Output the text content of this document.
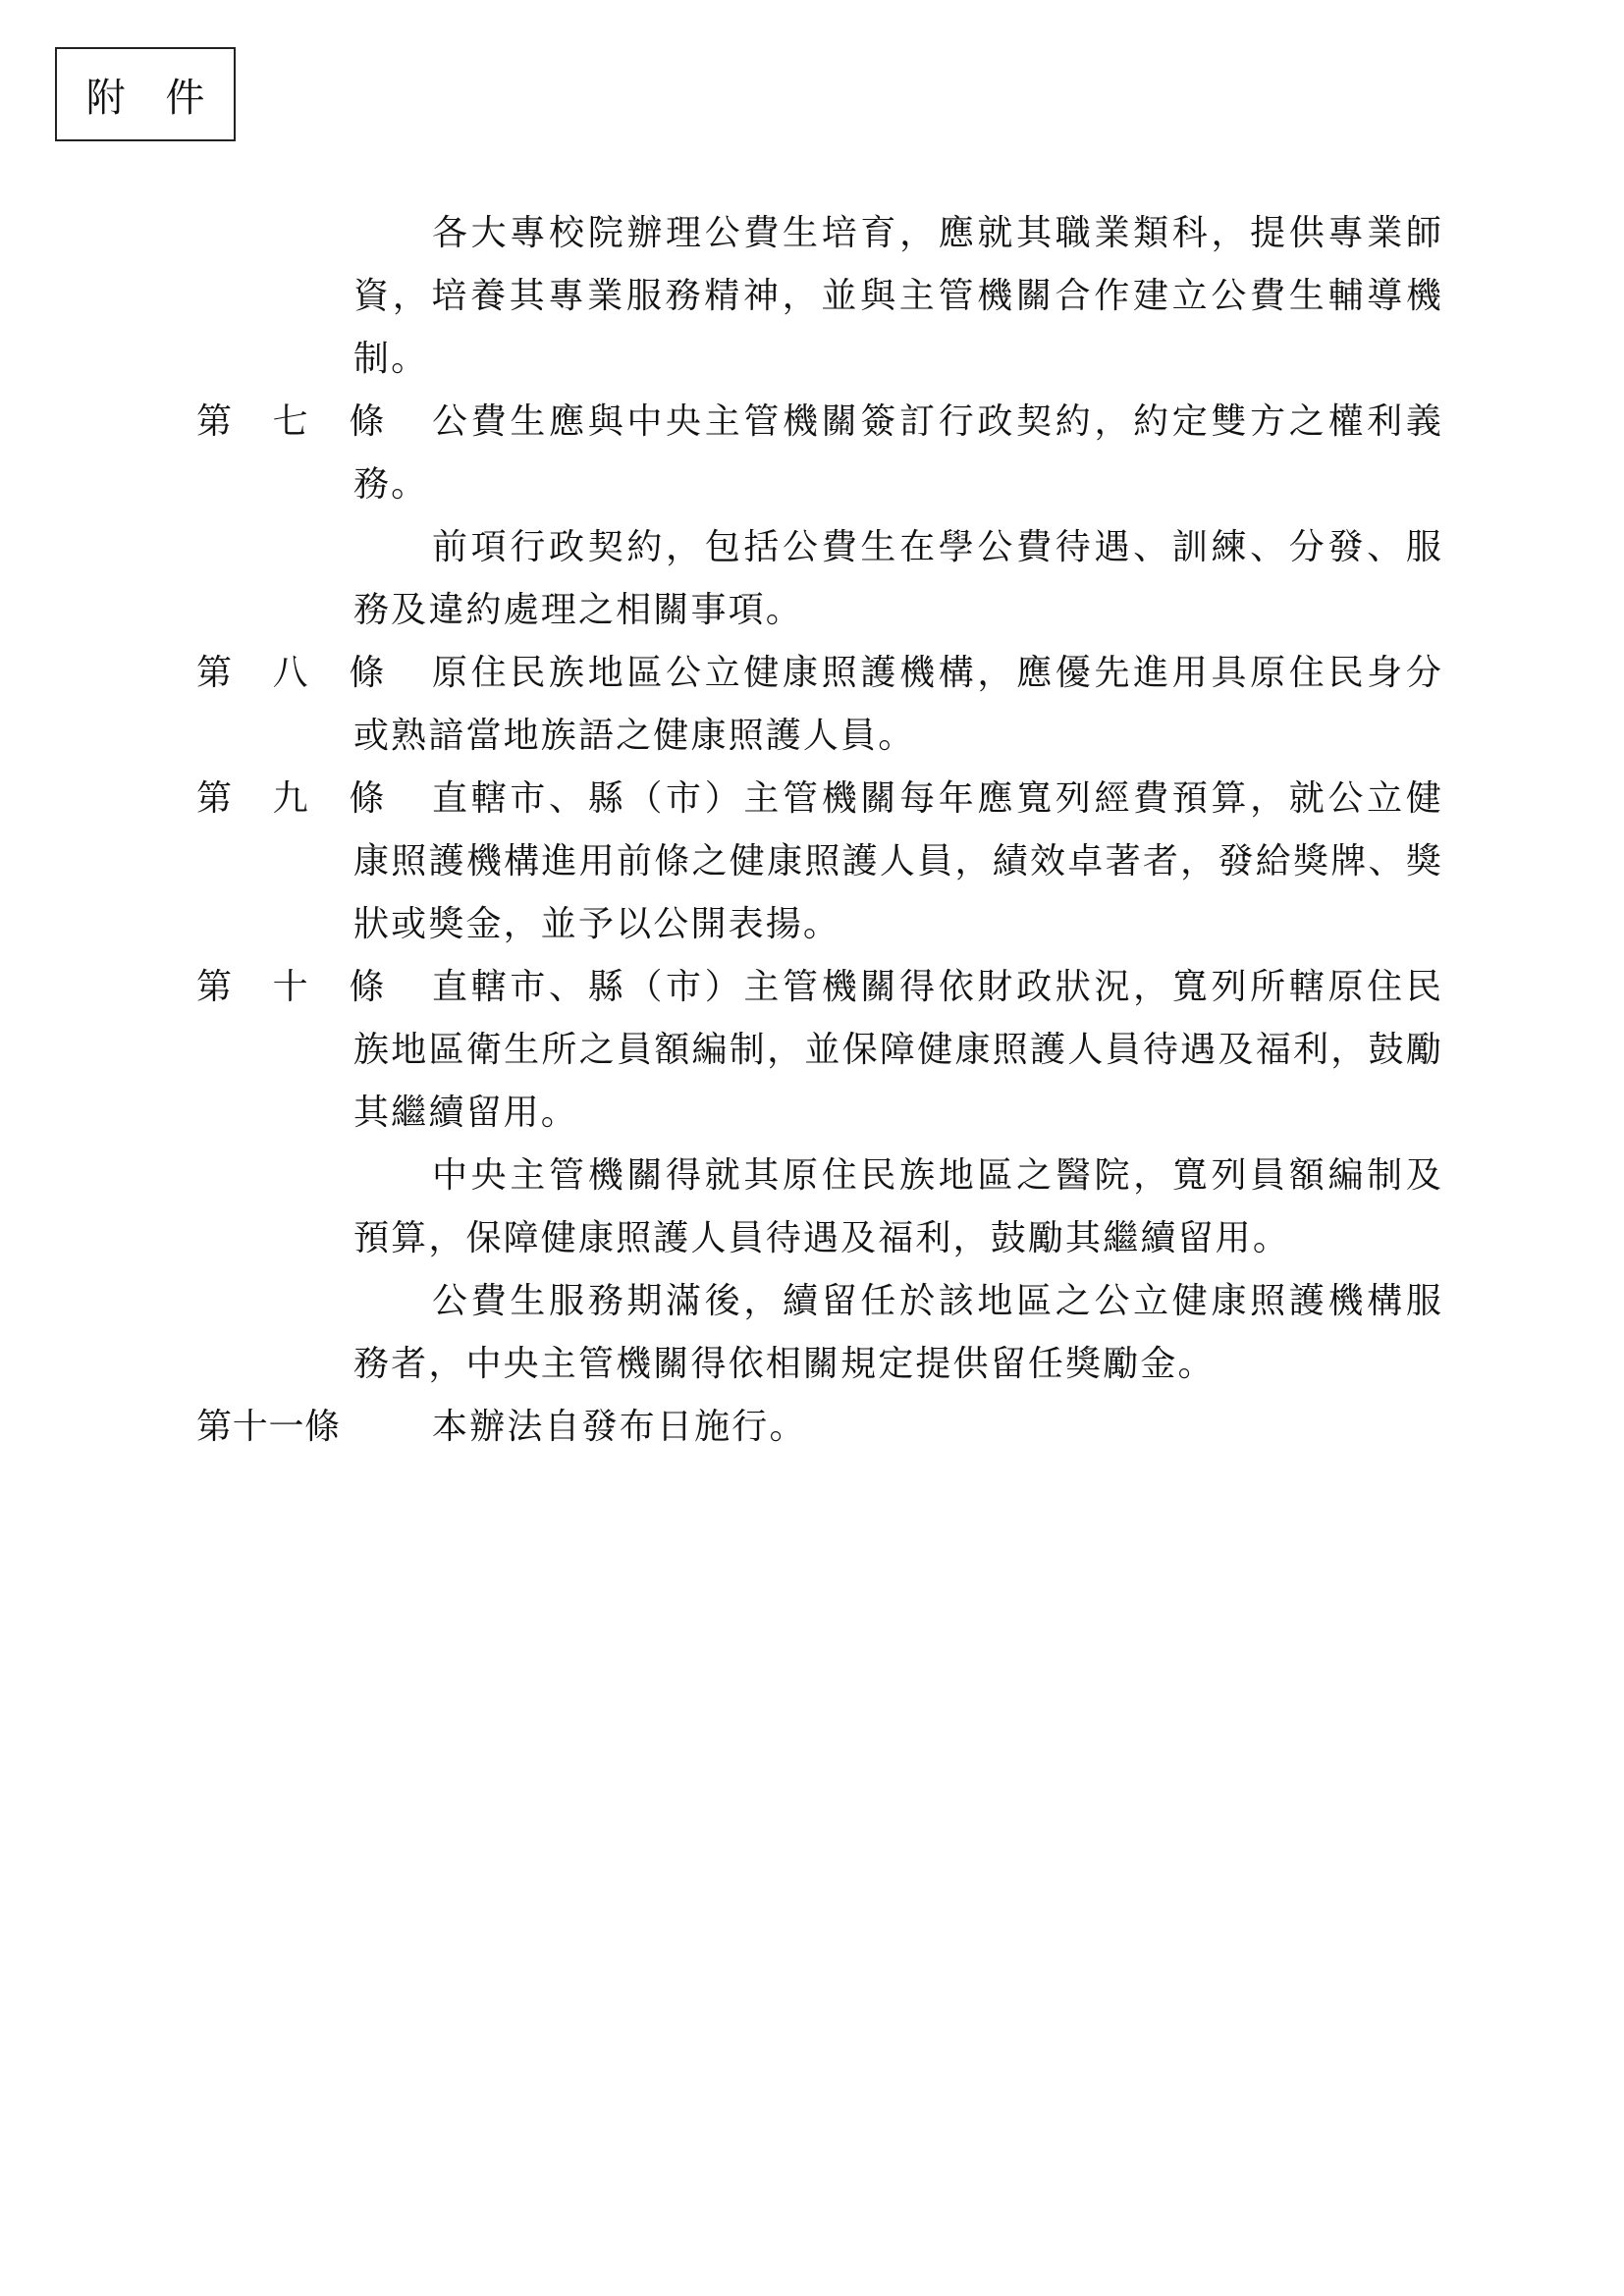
附 件

各大專校院辦理公費生培育，應就其職業類科，提供專業師資，培養其專業服務精神，並與主管機關合作建立公費生輔導機制。

第 七 條 公費生應與中央主管機關簽訂行政契約，約定雙方之權利義務。

前項行政契約，包括公費生在學公費待遇、訓練、分發、服務及違約處理之相關事項。

第 八 條 原住民族地區公立健康照護機構，應優先進用具原住民身分或熟諳當地族語之健康照護人員。
第 九 條 直轄市、縣（市）主管機關每年應寬列經費預算，就公立健康照護機構進用前條之健康照護人員，績效卓著者，發給獎牌、獎狀或獎金，並予以公開表揚。
第 十 條 直轄市、縣（市）主管機關得依財政狀況，寬列所轄原住民族地區衛生所之員額編制，並保障健康照護人員待遇及福利，鼓勵其繼續留用。

中央主管機關得就其原住民族地區之醫院，寬列員額編制及預算，保障健康照護人員待遇及福利，鼓勵其繼續留用。

公費生服務期滿後，續留任於該地區之公立健康照護機構服務者，中央主管機關得依相關規定提供留任獎勵金。

第十一條	本辦法自發布日施行。
